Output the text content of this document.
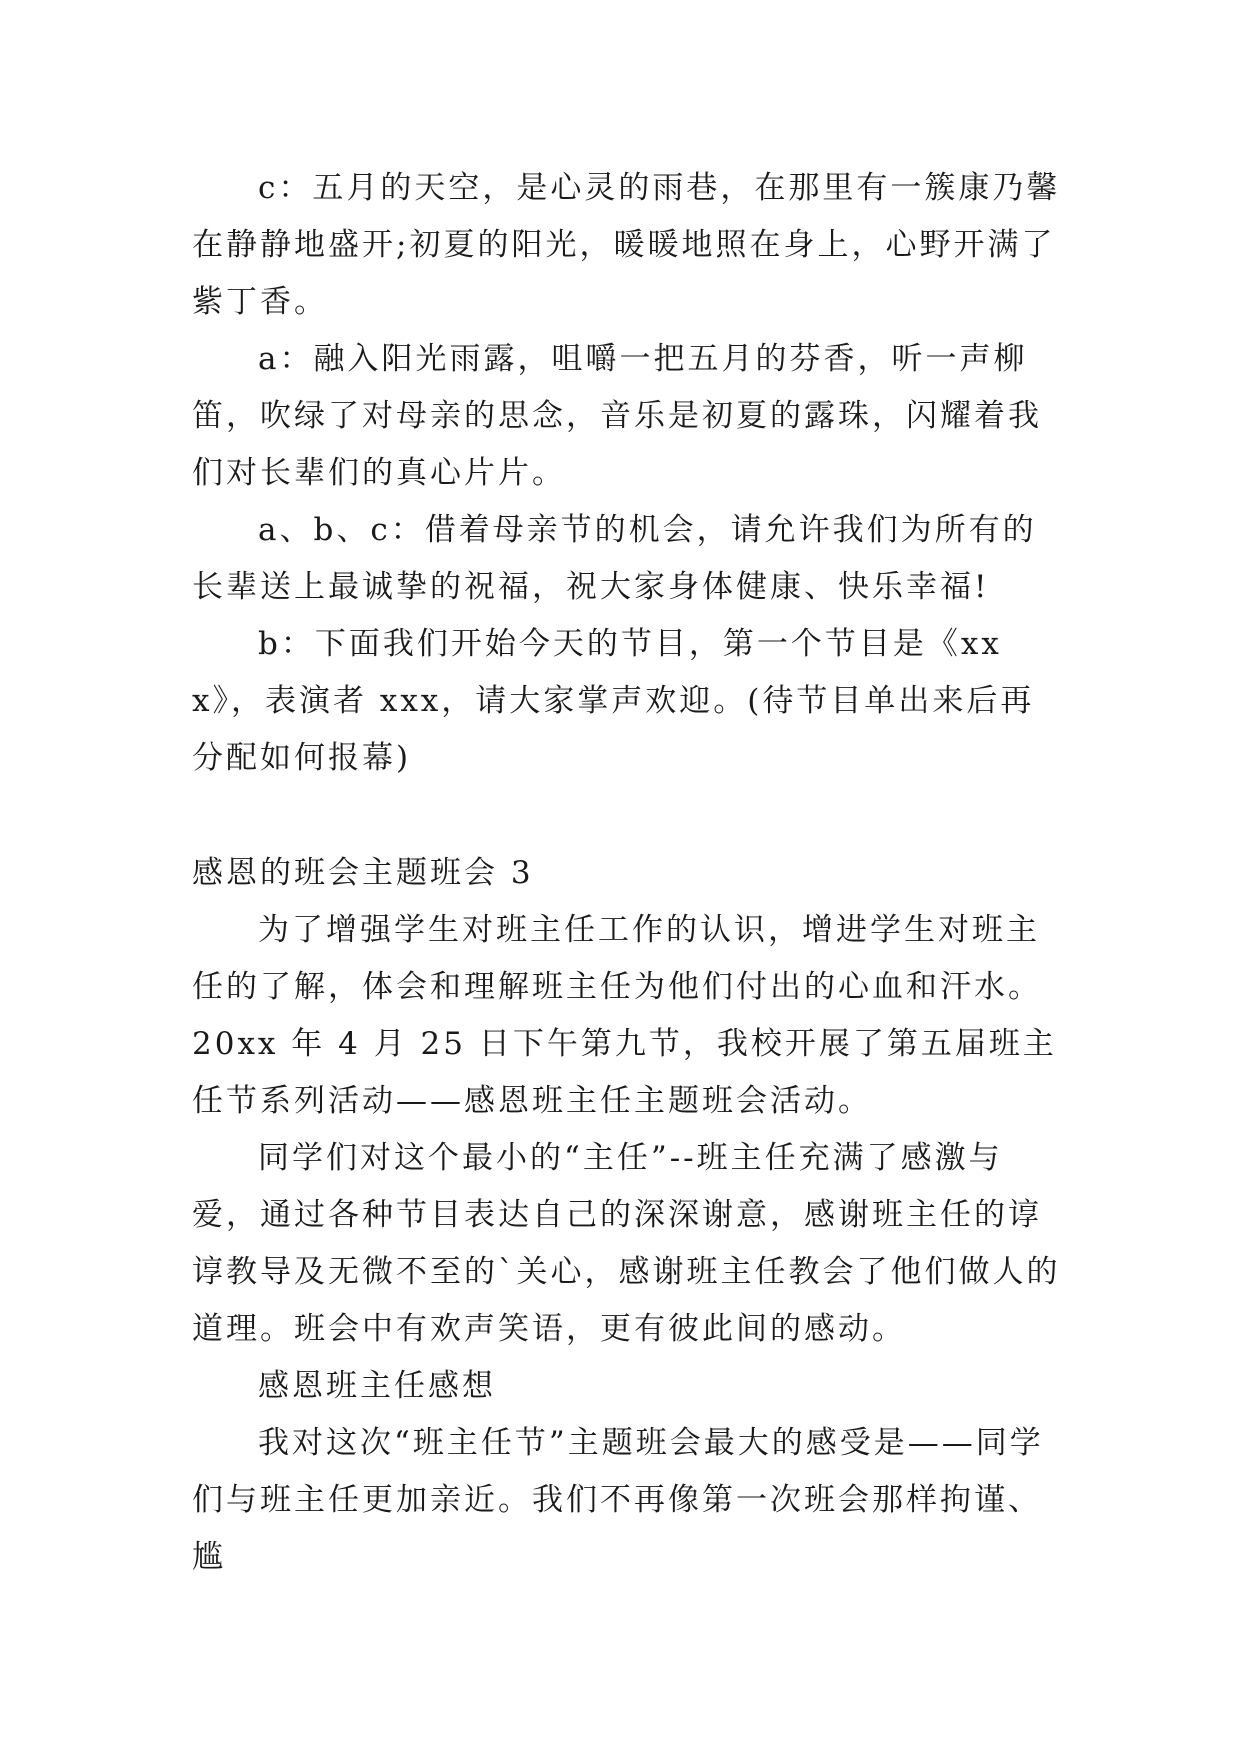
c：五月的天空，是心灵的雨巷，在那里有一簇康乃馨在静静地盛开;初夏的阳光，暖暖地照在身上，心野开满了紫丁香。

a：融入阳光雨露，咀嚼一把五月的芬香，听一声柳笛，吹绿了对母亲的思念，音乐是初夏的露珠，闪耀着我们对长辈们的真心片片。

a、b、c：借着母亲节的机会，请允许我们为所有的长辈送上最诚挚的祝福，祝大家身体健康、快乐幸福!

b：下面我们开始今天的节目，第一个节目是《xxx》，表演者 xxx，请大家掌声欢迎。(待节目单出来后再分配如何报幕)

感恩的班会主题班会 3

为了增强学生对班主任工作的认识，增进学生对班主任的了解，体会和理解班主任为他们付出的心血和汗水。20xx 年 4 月 25 日下午第九节，我校开展了第五届班主任节系列活动——感恩班主任主题班会活动。

同学们对这个最小的“主任”--班主任充满了感激与爱，通过各种节目表达自己的深深谢意，感谢班主任的谆谆教导及无微不至的`关心，感谢班主任教会了他们做人的道理。班会中有欢声笑语，更有彼此间的感动。

感恩班主任感想

我对这次“班主任节”主题班会最大的感受是——同学们与班主任更加亲近。我们不再像第一次班会那样拘谨、尴
